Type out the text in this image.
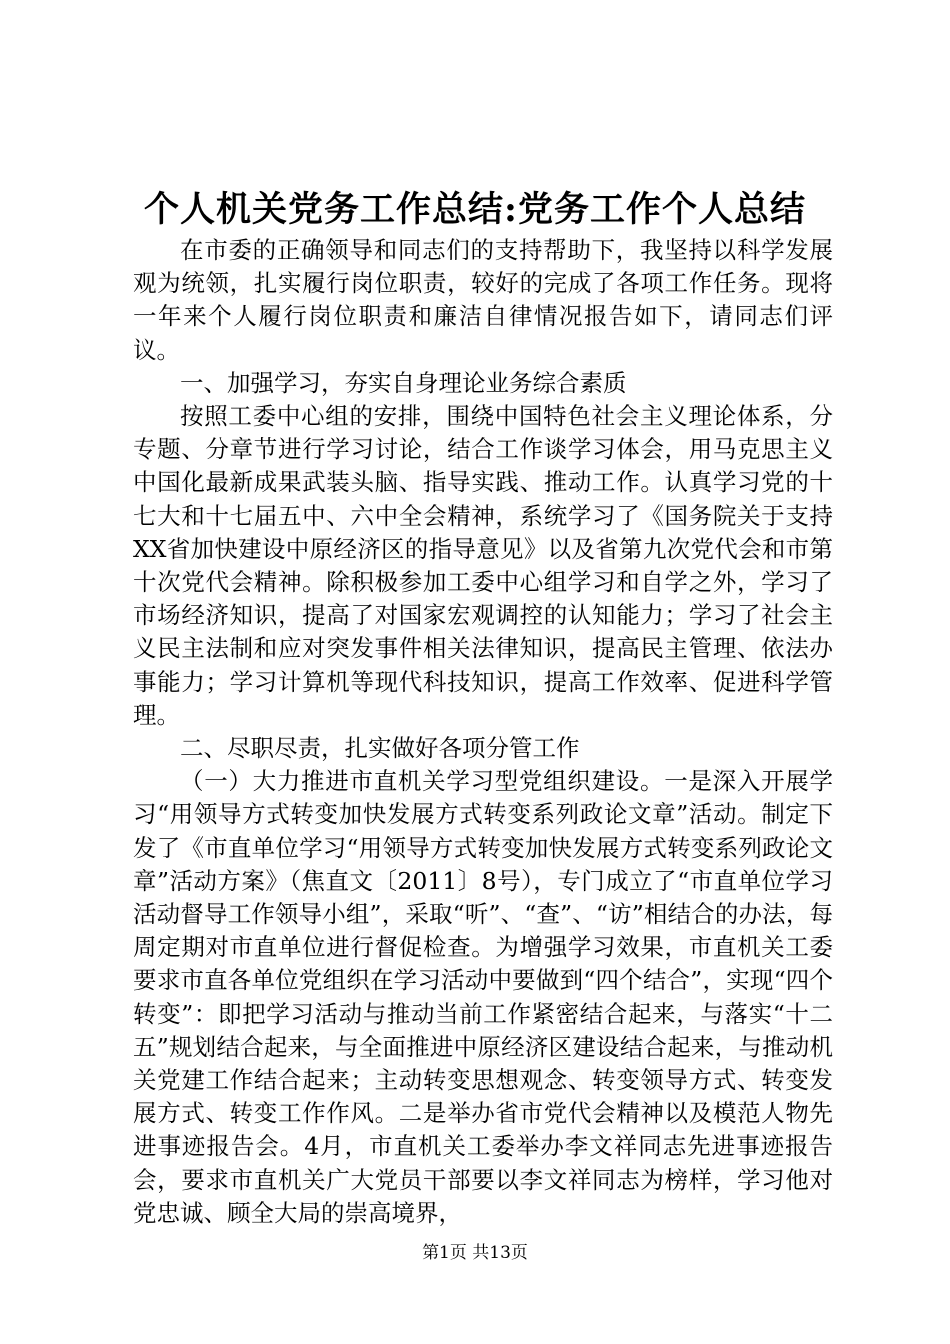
个人机关党务工作总结:党务工作个人总结

在市委的正确领导和同志们的支持帮助下，我坚持以科学发展观为统领，扎实履行岗位职责，较好的完成了各项工作任务。现将一年来个人履行岗位职责和廉洁自律情况报告如下，请同志们评议。

一、加强学习，夯实自身理论业务综合素质

按照工委中心组的安排，围绕中国特色社会主义理论体系，分专题、分章节进行学习讨论，结合工作谈学习体会，用马克思主义中国化最新成果武装头脑、指导实践、推动工作。认真学习党的十七大和十七届五中、六中全会精神，系统学习了《国务院关于支持XX省加快建设中原经济区的指导意见》以及省第九次党代会和市第十次党代会精神。除积极参加工委中心组学习和自学之外，学习了市场经济知识，提高了对国家宏观调控的认知能力；学习了社会主义民主法制和应对突发事件相关法律知识，提高民主管理、依法办事能力；学习计算机等现代科技知识，提高工作效率、促进科学管理。

二、尽职尽责，扎实做好各项分管工作

（一）大力推进市直机关学习型党组织建设。一是深入开展学习“用领导方式转变加快发展方式转变系列政论文章”活动。制定下发了《市直单位学习“用领导方式转变加快发展方式转变系列政论文章”活动方案》（焦直文〔2011〕8号），专门成立了“市直单位学习活动督导工作领导小组”，采取“听”、“查”、“访”相结合的办法，每周定期对市直单位进行督促检查。为增强学习效果，市直机关工委要求市直各单位党组织在学习活动中要做到“四个结合”，实现“四个转变”：即把学习活动与推动当前工作紧密结合起来，与落实“十二五”规划结合起来，与全面推进中原经济区建设结合起来，与推动机关党建工作结合起来；主动转变思想观念、转变领导方式、转变发展方式、转变工作作风。二是举办省市党代会精神以及模范人物先进事迹报告会。4月，市直机关工委举办李文祥同志先进事迹报告会，要求市直机关广大党员干部要以李文祥同志为榜样，学习他对党忠诚、顾全大局的崇高境界，

第1页 共13页
